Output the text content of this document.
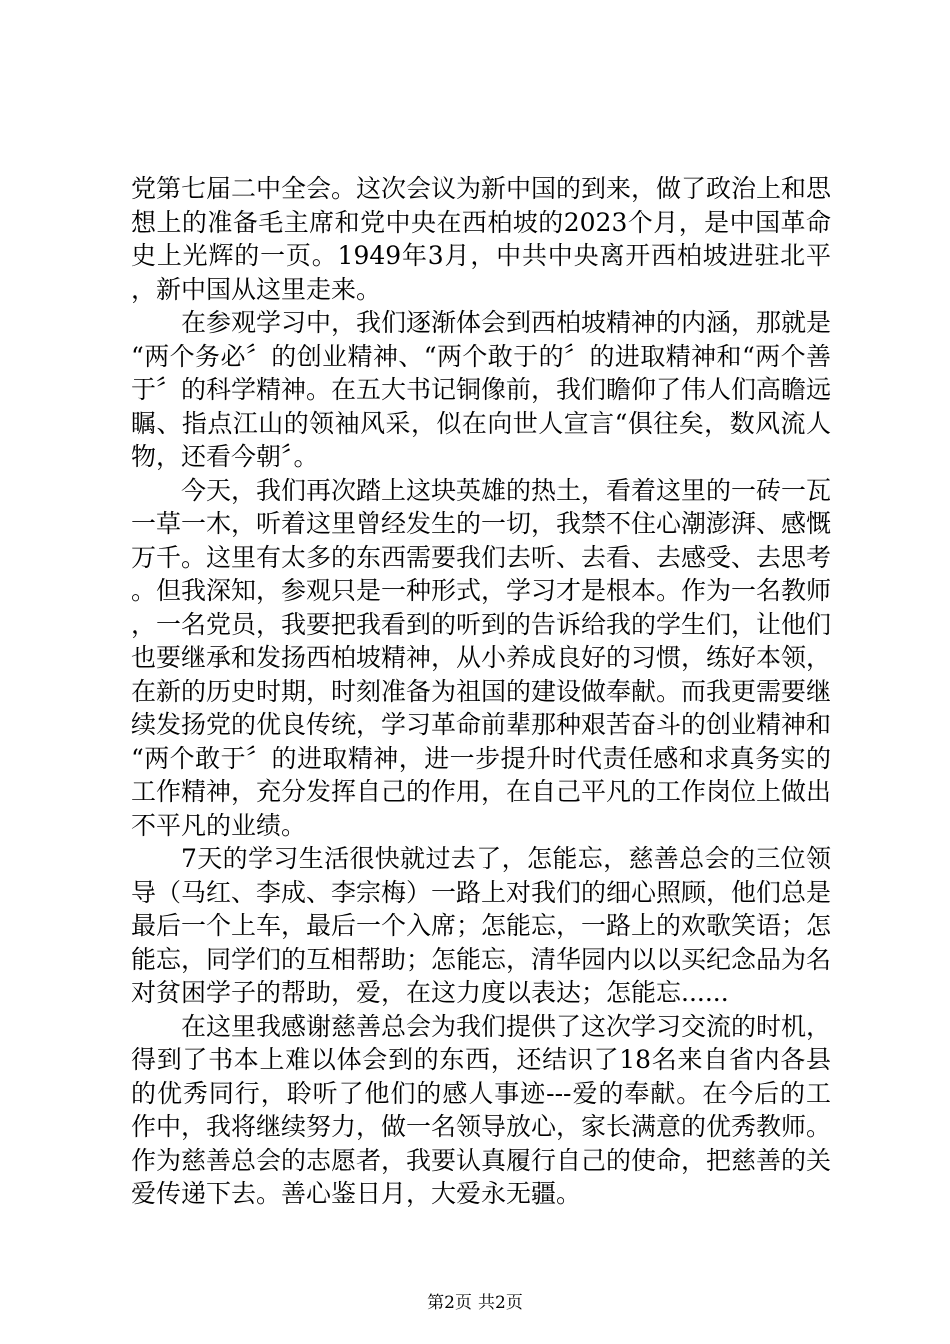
党第七届二中全会。这次会议为新中国的到来，做了政治上和思想上的准备毛主席和党中央在西柏坡的2023个月，是中国革命史上光辉的一页。1949年3月，中共中央离开西柏坡进驻北平，新中国从这里走来。

在参观学习中，我们逐渐体会到西柏坡精神的内涵，那就是“两个务必〞的创业精神、“两个敢于的〞的进取精神和“两个善于〞的科学精神。在五大书记铜像前，我们瞻仰了伟人们高瞻远瞩、指点江山的领袖风采，似在向世人宣言“俱往矣，数风流人物，还看今朝〞。

今天，我们再次踏上这块英雄的热土，看着这里的一砖一瓦一草一木，听着这里曾经发生的一切，我禁不住心潮澎湃、感慨万千。这里有太多的东西需要我们去听、去看、去感受、去思考。但我深知，参观只是一种形式，学习才是根本。作为一名教师，一名党员，我要把我看到的听到的告诉给我的学生们，让他们也要继承和发扬西柏坡精神，从小养成良好的习惯，练好本领，在新的历史时期，时刻准备为祖国的建设做奉献。而我更需要继续发扬党的优良传统，学习革命前辈那种艰苦奋斗的创业精神和“两个敢于〞的进取精神，进一步提升时代责任感和求真务实的工作精神，充分发挥自己的作用，在自己平凡的工作岗位上做出不平凡的业绩。

7天的学习生活很快就过去了，怎能忘，慈善总会的三位领导（马红、李成、李宗梅）一路上对我们的细心照顾，他们总是最后一个上车，最后一个入席；怎能忘，一路上的欢歌笑语；怎能忘，同学们的互相帮助；怎能忘，清华园内以以买纪念品为名对贫困学子的帮助，爱，在这力度以表达；怎能忘......

在这里我感谢慈善总会为我们提供了这次学习交流的时机，得到了书本上难以体会到的东西，还结识了18名来自省内各县的优秀同行，聆听了他们的感人事迹---爱的奉献。在今后的工作中，我将继续努力，做一名领导放心，家长满意的优秀教师。作为慈善总会的志愿者，我要认真履行自己的使命，把慈善的关爱传递下去。善心鉴日月，大爱永无疆。

第2页 共2页
